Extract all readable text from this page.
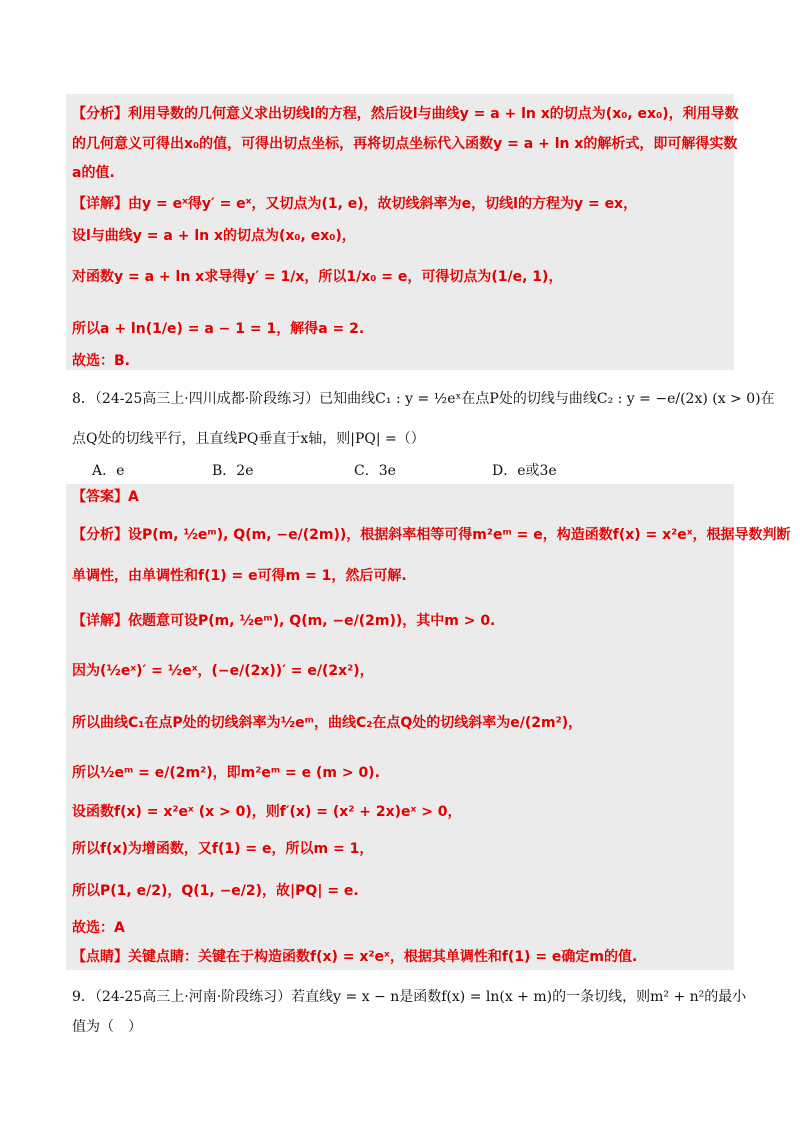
【分析】利用导数的几何意义求出切线l的方程，然后设l与曲线y = a + ln x的切点为(x₀, ex₀)，利用导数
的几何意义可得出x₀的值，可得出切点坐标，再将切点坐标代入函数y = a + ln x的解析式，即可解得实数
a的值.
【详解】由y = eˣ得y′ = eˣ，又切点为(1, e)，故切线斜率为e，切线l的方程为y = ex，
设l与曲线y = a + ln x的切点为(x₀, ex₀)，
对函数y = a + ln x求导得y′ = 1/x，所以1/x₀ = e，可得切点为(1/e, 1)，
所以a + ln(1/e) = a − 1 = 1，解得a = 2.
故选：B.
8．（24-25高三上·四川成都·阶段练习）已知曲线C₁ : y = ½eˣ在点P处的切线与曲线C₂ : y = −e/(2x) (x > 0)在
点Q处的切线平行，且直线PQ垂直于x轴，则|PQ| =（）
A．e	B．2e	C．3e	D．e或3e
【答案】A
【分析】设P(m, ½eᵐ), Q(m, −e/(2m))，根据斜率相等可得m²eᵐ = e，构造函数f(x) = x²eˣ，根据导数判断
单调性，由单调性和f(1) = e可得m = 1，然后可解.
【详解】依题意可设P(m, ½eᵐ), Q(m, −e/(2m))，其中m > 0.
因为(½eˣ)′ = ½eˣ，(−e/(2x))′ = e/(2x²)，
所以曲线C₁在点P处的切线斜率为½eᵐ，曲线C₂在点Q处的切线斜率为e/(2m²)，
所以½eᵐ = e/(2m²)，即m²eᵐ = e (m > 0).
设函数f(x) = x²eˣ (x > 0)，则f′(x) = (x² + 2x)eˣ > 0，
所以f(x)为增函数，又f(1) = e，所以m = 1，
所以P(1, e/2)，Q(1, −e/2)，故|PQ| = e.
故选：A
【点睛】关键点睛：关键在于构造函数f(x) = x²eˣ，根据其单调性和f(1) = e确定m的值.
9．（24-25高三上·河南·阶段练习）若直线y = x − n是函数f(x) = ln(x + m)的一条切线，则m² + n²的最小
值为（　）
